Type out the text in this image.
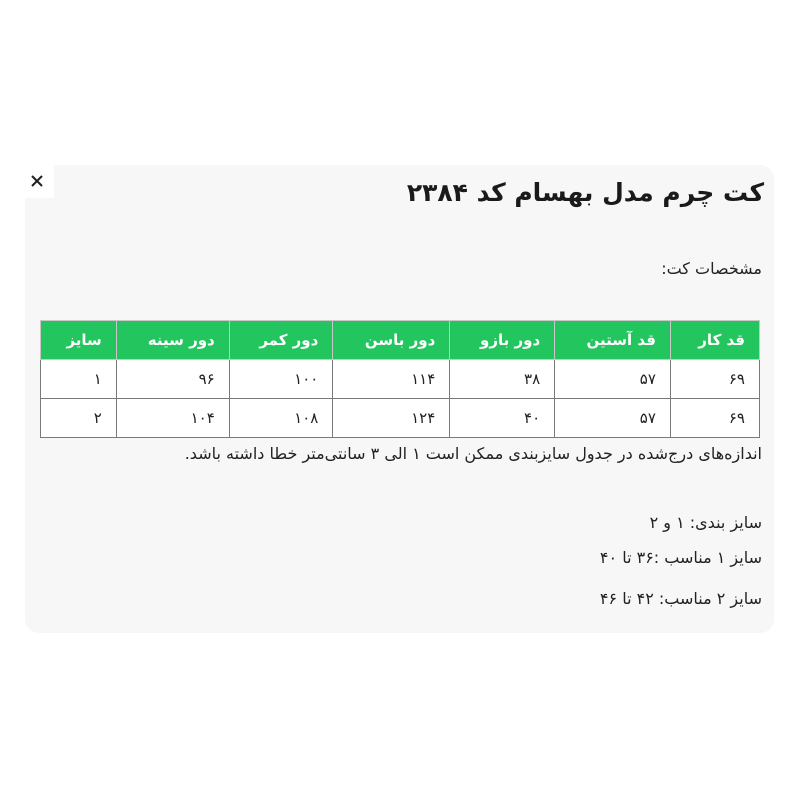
کت چرم مدل بهسام کد ۲۳۸۴
مشخصات کت:
قد کار	قد آستین	دور بازو	دور باسن	دور کمر	دور سینه	سایز
۶۹	۵۷	۳۸	۱۱۴	۱۰۰	۹۶	۱
۶۹	۵۷	۴۰	۱۲۴	۱۰۸	۱۰۴	۲
اندازه‌های درج‌شده در جدول سایزبندی ممکن است ۱ الی ۳ سانتی‌متر خطا داشته باشد.
سایز بندی: ۱ و ۲
سایز ۱ مناسب :۳۶ تا ۴۰
سایز ۲ مناسب: ۴۲ تا ۴۶
